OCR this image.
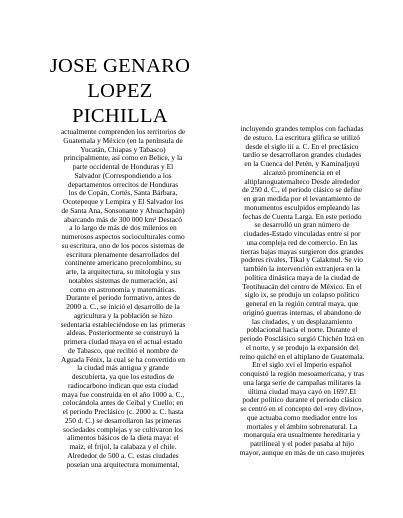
JOSE GENARO
LOPEZ
PICHILLA

actualmente comprenden los territorios de

Guatemala y México (en la península de

Yucatán, Chiapas y Tabasco)

principalmente, así como en Belice, y la

parte occidental de Honduras y El

Salvador (Correspondiendo a los

departamentos orrecitos de Honduras

los de Copán, Cortés, Santa Bárbara,

Ocotepeque y Lempira y El Salvador los

de Santa Ana, Sonsonante y Ahuachapán)

abarcando más de 300 000 km² Destacó

a lo largo de más de dos milenios en

numerosos aspectos socioculturales como

su escritura, uno de los pocos sistemas de

escritura plenamente desarrollados del

continente americano precolombino, su

arte, la arquitectura, su mitología y sus

notables sistemas de numeración, así

como en astronomía y matemáticas.

Durante el periodo formativo, antes de

2000 a. C., se inició el desarrollo de la

agricultura y la población se hizo

sedentaria estableciéndose en las primeras

aldeas. Posteriormente se construyó la

primera ciudad maya en el actual estado

de Tabasco, que recibió el nombre de

Aguada Fénix, la cual se ha convertido en

la ciudad más antigua y grande

descubierta, ya que los estudios de

radiocarbono indican que esta ciudad

maya fue construida en el año 1000 a. C.,

colocándola antes de Ceibal y Cuello; en

el periodo Preclásico (c. 2000 a. C. hasta

250 d. C.) se desarrollaron las primeras

sociedades complejas y se cultivaron los

alimentos básicos de la dieta maya: el

maíz, el frijol, la calabaza y el chile.

Alrededor de 500 a. C. estas ciudades

poseían una arquitectura monumental,

incluyendo grandes templos con fachadas

de estuco. La escritura glífica se utilizó

desde el siglo iii a. C. En el preclásico

tardío se desarrollaron grandes ciudades

en la Cuenca del Petén, y Kaminaljuyú

alcanzó prominencia en el

altiplanoguatemalteco Desde alrededor

de 250 d. C., el periodo clásico se define

en gran medida por el levantamiento de

monumentos esculpidos empleando las

fechas de Cuenta Larga. En este periodo

se desarrolló un gran número de

ciudades-Estado vinculadas entre sí por

una compleja red de comercio. En las

tierras bajas mayas surgieron dos grandes

poderes rivales, Tikal y Calakmul. Se vio

también la intervención extranjera en la

política dinástica maya de la ciudad de

Teotihuacán del centro de México. En el

siglo ix, se produjo un colapso político

general en la región central maya, que

originó guerras internas, el abandono de

las ciudades, y un desplazamiento

poblacional hacia el norte. Durante el

periodo Posclásico surgió Chichén Itzá en

el norte, y se produjo la expansión del

reino quiché en el altiplano de Guatemala.

En el siglo xvi el Imperio español

conquistó la región mesoamericana, y tras

una larga serie de campañas militares la

última ciudad maya cayó en 1697.El

poder político durante el periodo clásico

se centró en el concepto del «rey divino»,

que actuaba como mediador entre los

mortales y el ámbito sobrenatural. La

monarquía era usualmente hereditaria y

patrilineal y el poder pasaba al hijo

mayor, aunque en más de un caso mujeres
